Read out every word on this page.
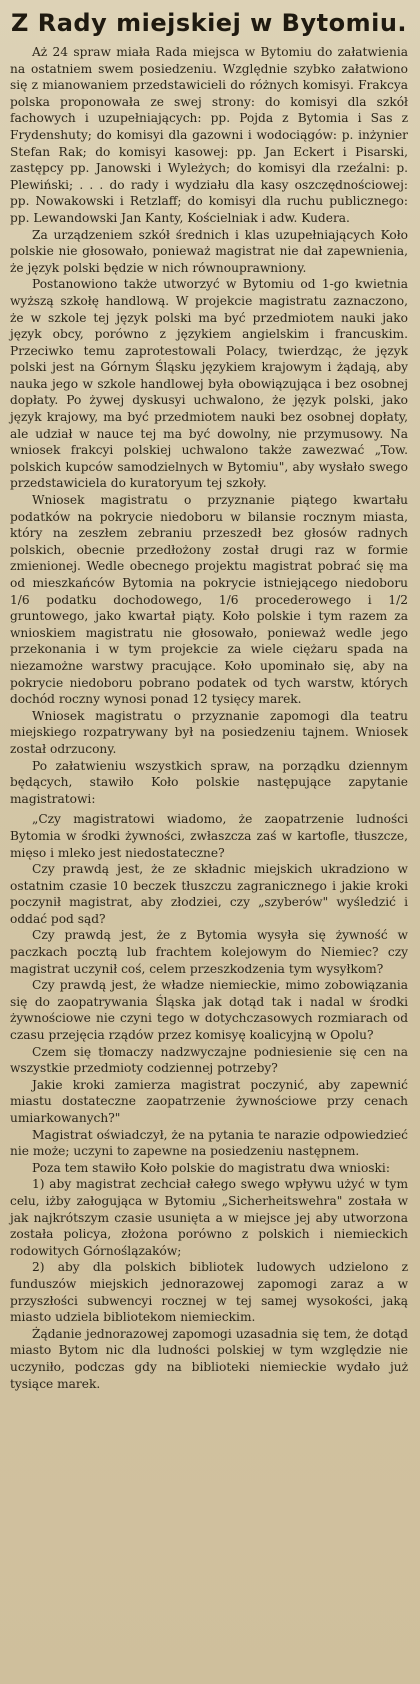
Z Rady miejskiej w Bytomiu.

Aż 24 spraw miała Rada miejsca w Bytomiu do załatwienia na ostatniem swem posiedzeniu. Względnie szybko załatwiono się z mianowaniem przedstawicieli do różnych komisyi. Frakcya polska proponowała ze swej strony: do komisyi dla szkół fachowych i uzupełniających: pp. Pojda z Bytomia i Sas z Frydenshuty; do komisyi dla gazowni i wodociągów: p. inżynier Stefan Rak; do komisyi kasowej: pp. Jan Eckert i Pisarski, zastępcy pp. Janowski i Wyleżych; do komisyi dla rzeźalni: p. Plewiński; . . . do rady i wydziału dla kasy oszczędnościowej: pp. Nowakowski i Retzlaff; do komisyi dla ruchu publicznego: pp. Lewandowski Jan Kanty, Kościelniak i adw. Kudera.

Za urządzeniem szkół średnich i klas uzupełniających Koło polskie nie głosowało, ponieważ magistrat nie dał zapewnienia, że język polski będzie w nich równouprawniony.

Postanowiono także utworzyć w Bytomiu od 1-go kwietnia wyższą szkołę handlową. W projekcie magistratu zaznaczono, że w szkole tej język polski ma być przedmiotem nauki jako język obcy, porówno z językiem angielskim i francuskim. Przeciwko temu zaprotestowali Polacy, twierdząc, że język polski jest na Górnym Śląsku językiem krajowym i żądają, aby nauka jego w szkole handlowej była obowiązująca i bez osobnej dopłaty. Po żywej dyskusyi uchwalono, że język polski, jako język krajowy, ma być przedmiotem nauki bez osobnej dopłaty, ale udział w nauce tej ma być dowolny, nie przymusowy. Na wniosek frakcyi polskiej uchwalono także zawezwać „Tow. polskich kupców samodzielnych w Bytomiu", aby wysłało swego przedstawiciela do kuratoryum tej szkoły.

Wniosek magistratu o przyznanie piątego kwartału podatków na pokrycie niedoboru w bilansie rocznym miasta, który na zeszłem zebraniu przeszedł bez głosów radnych polskich, obecnie przedłożony został drugi raz w formie zmienionej. Wedle obecnego projektu magistrat pobrać się ma od mieszkańców Bytomia na pokrycie istniejącego niedoboru 1/6 podatku dochodowego, 1/6 procederowego i 1/2 gruntowego, jako kwartał piąty. Koło polskie i tym razem za wnioskiem magistratu nie głosowało, ponieważ wedle jego przekonania i w tym projekcie za wiele ciężaru spada na niezamożne warstwy pracujące. Koło upominało się, aby na pokrycie niedoboru pobrano podatek od tych warstw, których dochód roczny wynosi ponad 12 tysięcy marek.

Wniosek magistratu o przyznanie zapomogi dla teatru miejskiego rozpatrywany był na posiedzeniu tajnem. Wniosek został odrzucony.

Po załatwieniu wszystkich spraw, na porządku dziennym będących, stawiło Koło polskie następujące zapytanie magistratowi:

„Czy magistratowi wiadomo, że zaopatrzenie ludności Bytomia w środki żywności, zwłaszcza zaś w kartofle, tłuszcze, mięso i mleko jest niedostateczne?

Czy prawdą jest, że ze składnic miejskich ukradziono w ostatnim czasie 10 beczek tłuszczu zagranicznego i jakie kroki poczynił magistrat, aby złodziei, czy „szyberów" wyśledzić i oddać pod sąd?

Czy prawdą jest, że z Bytomia wysyła się żywność w paczkach pocztą lub frachtem kolejowym do Niemiec? czy magistrat uczynił coś, celem przeszkodzenia tym wysyłkom?

Czy prawdą jest, że władze niemieckie, mimo zobowiązania się do zaopatrywania Śląska jak dotąd tak i nadal w środki żywnościowe nie czyni tego w dotychczasowych rozmiarach od czasu przejęcia rządów przez komisyę koalicyjną w Opolu?

Czem się tłomaczy nadzwyczajne podniesienie się cen na wszystkie przedmioty codziennej potrzeby?

Jakie kroki zamierza magistrat poczynić, aby zapewnić miastu dostateczne zaopatrzenie żywnościowe przy cenach umiarkowanych?"

Magistrat oświadczył, że na pytania te narazie odpowiedzieć nie może; uczyni to zapewne na posiedzeniu następnem.

Poza tem stawiło Koło polskie do magistratu dwa wnioski:

1) aby magistrat zechciał całego swego wpływu użyć w tym celu, iżby załogująca w Bytomiu „Sicherheitswehra" została w jak najkrótszym czasie usunięta a w miejsce jej aby utworzona została policya, złożona porówno z polskich i niemieckich rodowitych Górnoślązaków;

2) aby dla polskich bibliotek ludowych udzielono z funduszów miejskich jednorazowej zapomogi zaraz a w przyszłości subwencyi rocznej w tej samej wysokości, jaką miasto udziela bibliotekom niemieckim.

Żądanie jednorazowej zapomogi uzasadnia się tem, że dotąd miasto Bytom nic dla ludności polskiej w tym względzie nie uczyniło, podczas gdy na biblioteki niemieckie wydało już tysiące marek.
